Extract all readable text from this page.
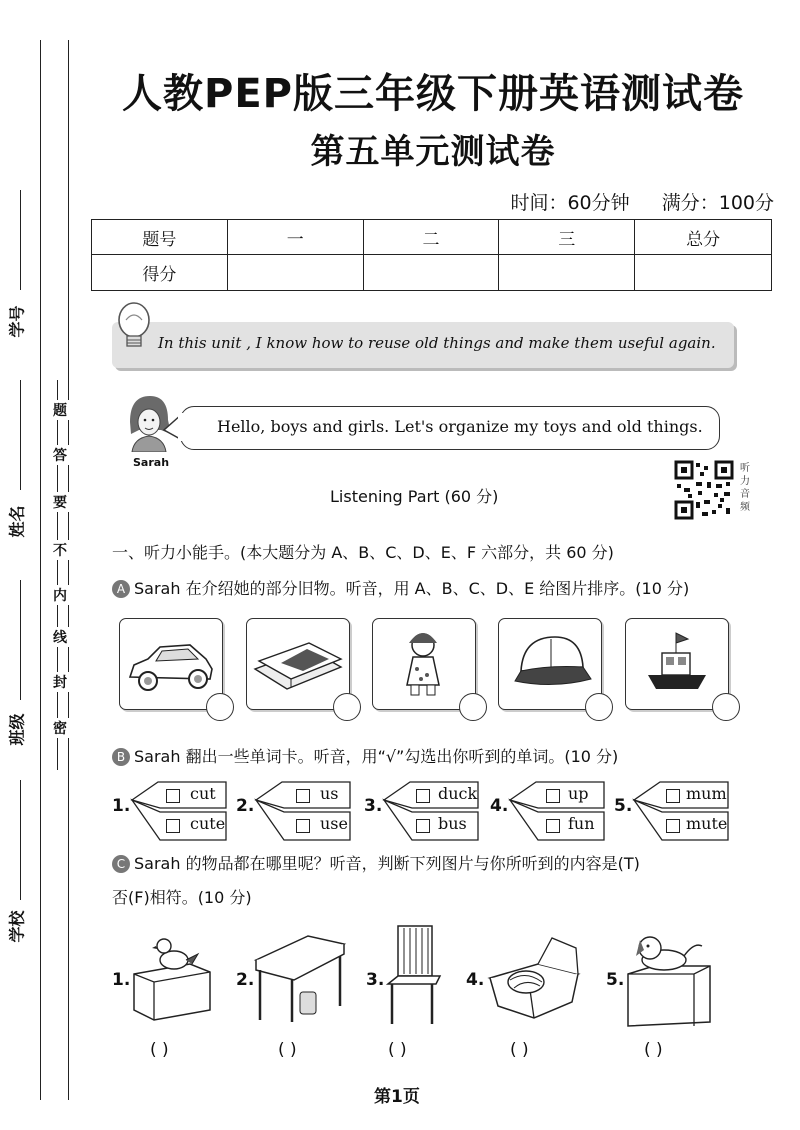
学号
姓名
班级
学校
题
答
要
不
内
线
封
密
人教PEP版三年级下册英语测试卷
第五单元测试卷
时间：60分钟 满分：100分
题号	一	二	三	总分
得分				
In this unit , I know how to reuse old things and make them useful again.
Sarah
Hello, boys and girls. Let's organize my toys and old things.
Listening Part (60 分)
听力音频
一、听力小能手。(本大题分为 A、B、C、D、E、F 六部分，共 60 分)
A Sarah 在介绍她的部分旧物。听音，用 A、B、C、D、E 给图片排序。(10 分)
B Sarah 翻出一些单词卡。听音，用“√”勾选出你听到的单词。(10 分)
1.
cut
cute
2.
us
use
3.
duck
bus
4.
up
fun
5.
mum
mute
C Sarah 的物品都在哪里呢？听音，判断下列图片与你所听到的内容是(T)
否(F)相符。(10 分)
1.
( )
2.
( )
3.
( )
4.
( )
5.
( )
第1页
